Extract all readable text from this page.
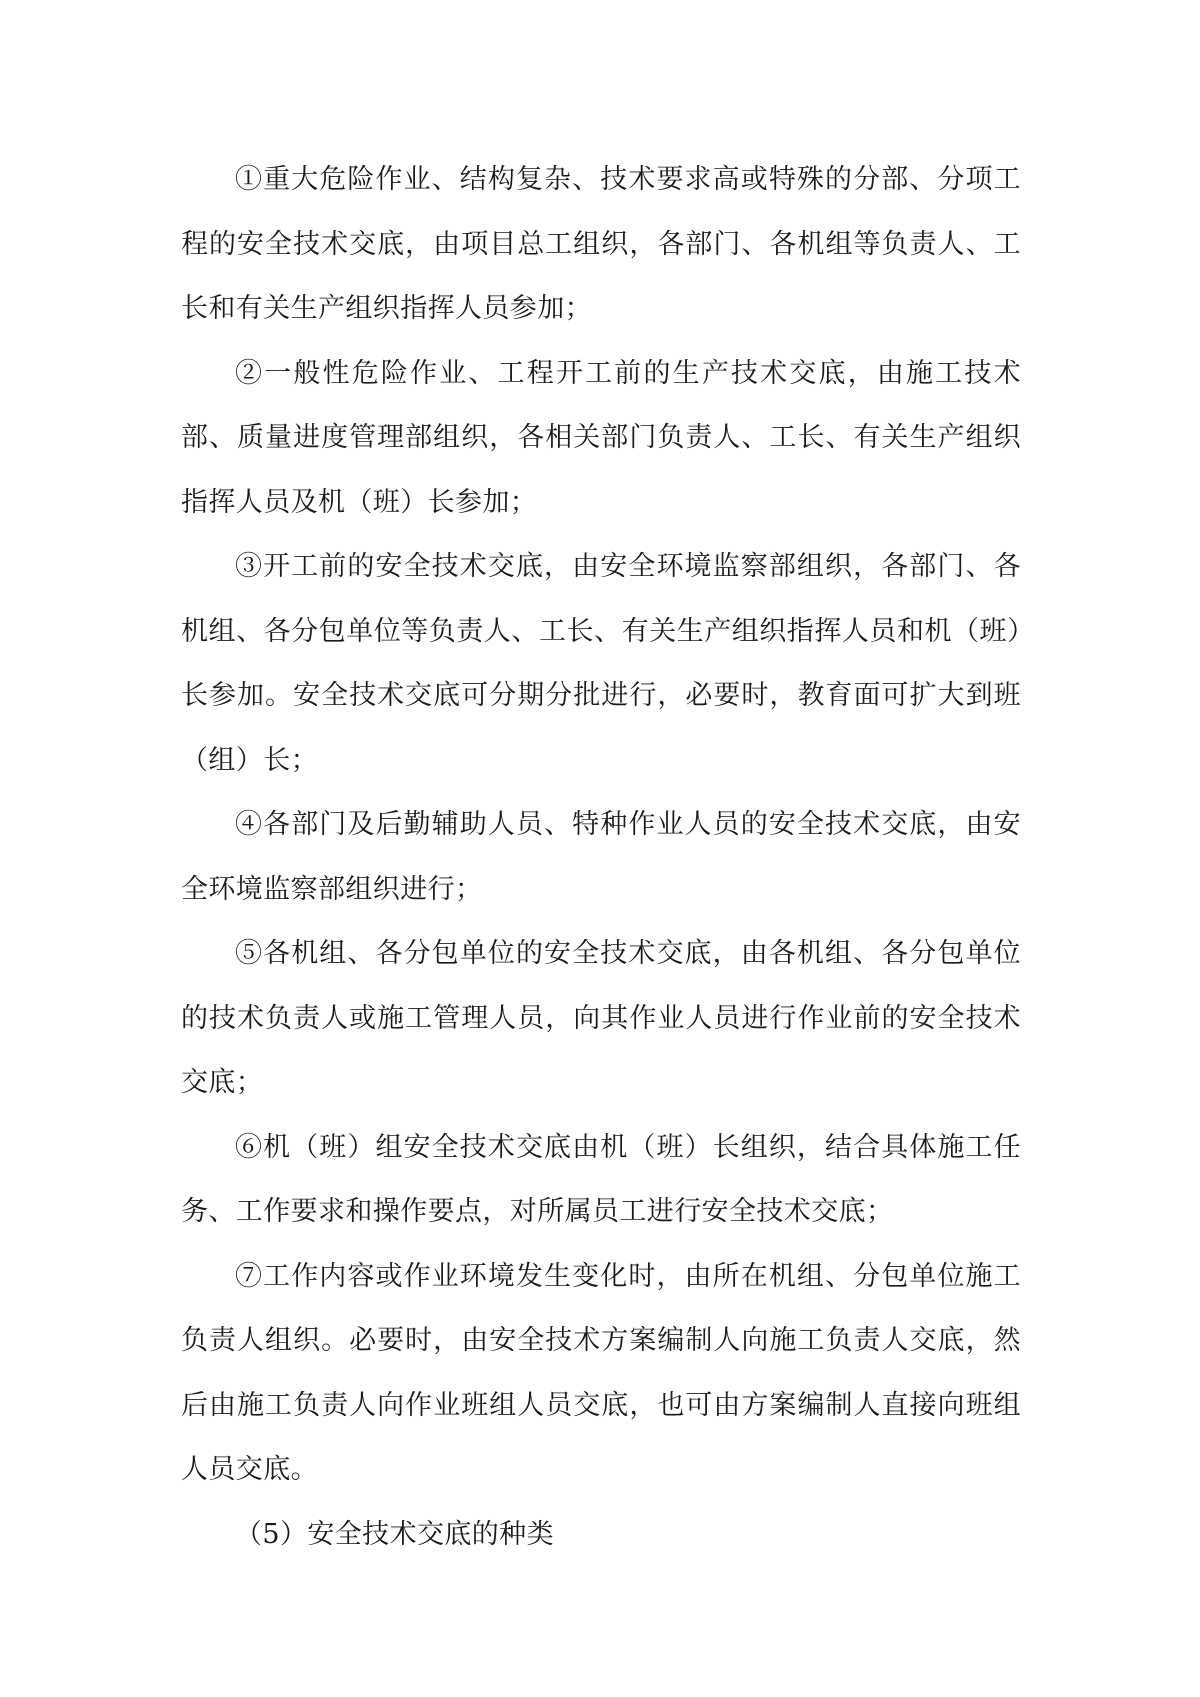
①重大危险作业、结构复杂、技术要求高或特殊的分部、分项工程的安全技术交底，由项目总工组织，各部门、各机组等负责人、工长和有关生产组织指挥人员参加；

②一般性危险作业、工程开工前的生产技术交底，由施工技术部、质量进度管理部组织，各相关部门负责人、工长、有关生产组织指挥人员及机（班）长参加；

③开工前的安全技术交底，由安全环境监察部组织，各部门、各机组、各分包单位等负责人、工长、有关生产组织指挥人员和机（班）长参加。安全技术交底可分期分批进行，必要时，教育面可扩大到班（组）长；

④各部门及后勤辅助人员、特种作业人员的安全技术交底，由安全环境监察部组织进行；

⑤各机组、各分包单位的安全技术交底，由各机组、各分包单位的技术负责人或施工管理人员，向其作业人员进行作业前的安全技术交底；

⑥机（班）组安全技术交底由机（班）长组织，结合具体施工任务、工作要求和操作要点，对所属员工进行安全技术交底；

⑦工作内容或作业环境发生变化时，由所在机组、分包单位施工负责人组织。必要时，由安全技术方案编制人向施工负责人交底，然后由施工负责人向作业班组人员交底，也可由方案编制人直接向班组人员交底。

（5）安全技术交底的种类
